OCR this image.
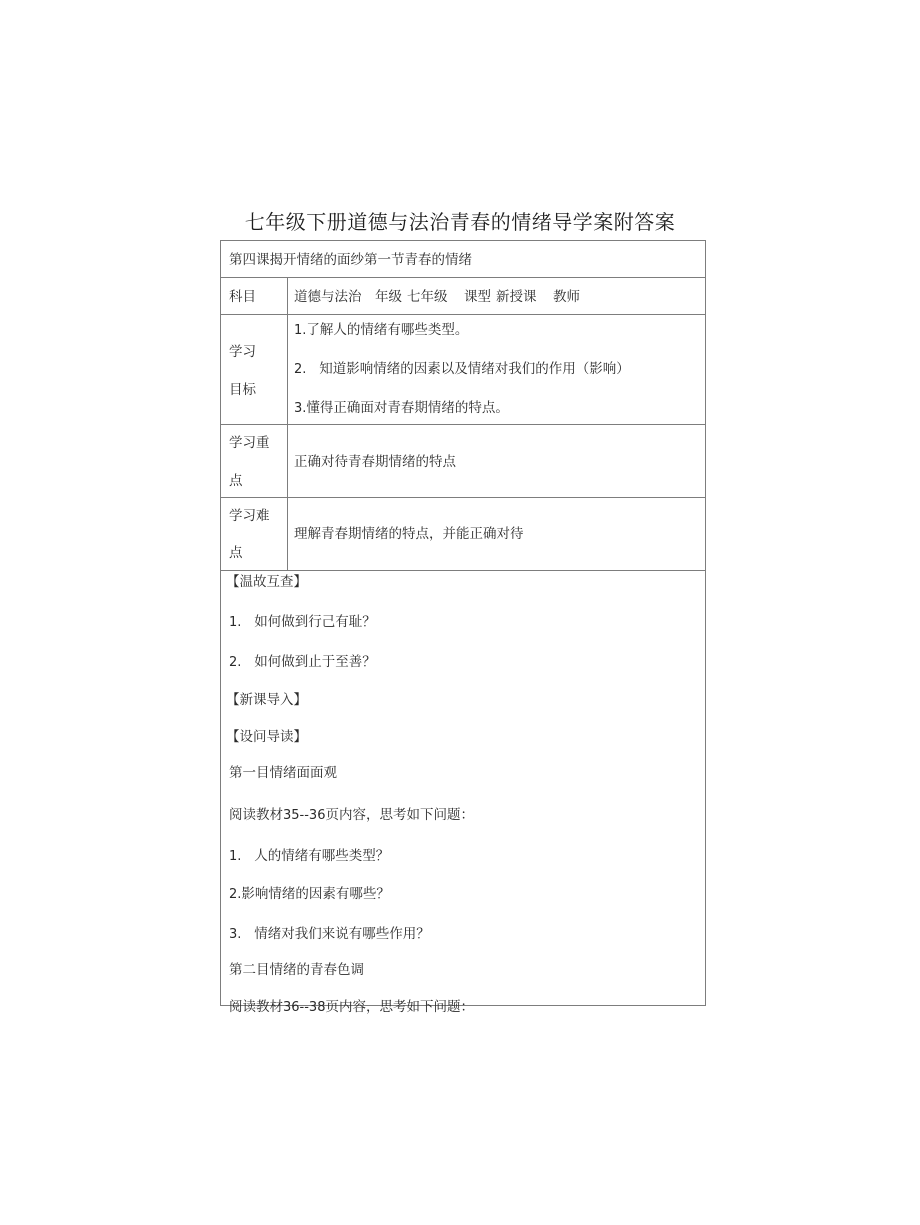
七年级下册道德与法治青春的情绪导学案附答案
第四课揭开情绪的面纱第一节青春的情绪
科目	道德与法治 年级 七年级 课型 新授课 教师
学习
目标
1.了解人的情绪有哪些类型。
2. 知道影响情绪的因素以及情绪对我们的作用（影响）
3.懂得正确面对青春期情绪的特点。
学习重
点
正确对待青春期情绪的特点
学习难
点
理解青春期情绪的特点，并能正确对待
【温故互查】
1. 如何做到行己有耻？
2. 如何做到止于至善？
【新课导入】
【设问导读】
第一目情绪面面观
阅读教材35--36页内容，思考如下问题：
1. 人的情绪有哪些类型？
2.影响情绪的因素有哪些？
3. 情绪对我们来说有哪些作用？
第二目情绪的青春色调
阅读教材36--38页内容，思考如下问题：
